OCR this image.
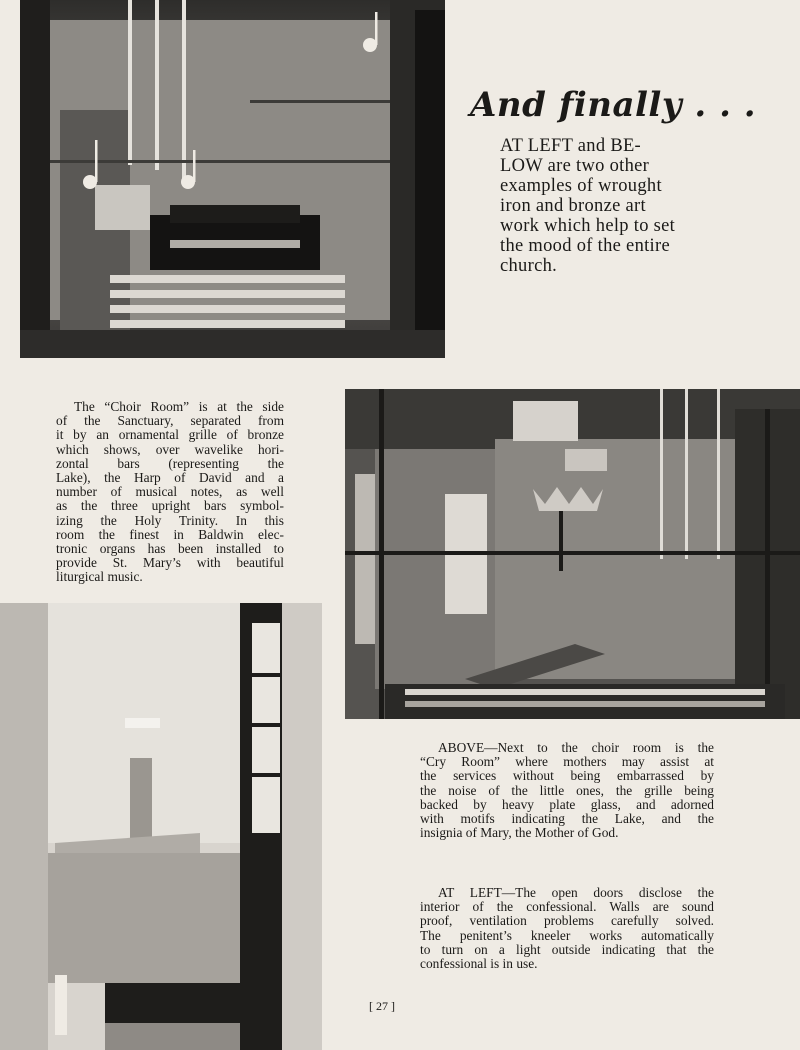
And finally . . .

AT LEFT and BE-
LOW are two other
examples of wrought
iron and bronze art
work which help to set
the mood of the entire
church.

The “Choir Room” is at the side
of the Sanctuary, separated from
it by an ornamental grille of bronze
which shows, over wavelike hori-
zontal bars (representing the
Lake), the Harp of David and a
number of musical notes, as well
as the three upright bars symbol-
izing the Holy Trinity. In this
room the finest in Baldwin elec-
tronic organs has been installed to
provide St. Mary’s with beautiful
liturgical music.

ABOVE—Next to the choir room is the
“Cry Room” where mothers may assist at
the services without being embarrassed by
the noise of the little ones, the grille being
backed by heavy plate glass, and adorned
with motifs indicating the Lake, and the
insignia of Mary, the Mother of God.

AT LEFT—The open doors disclose the
interior of the confessional. Walls are sound
proof, ventilation problems carefully solved.
The penitent’s kneeler works automatically
to turn on a light outside indicating that the
confessional is in use.

[ 27 ]
